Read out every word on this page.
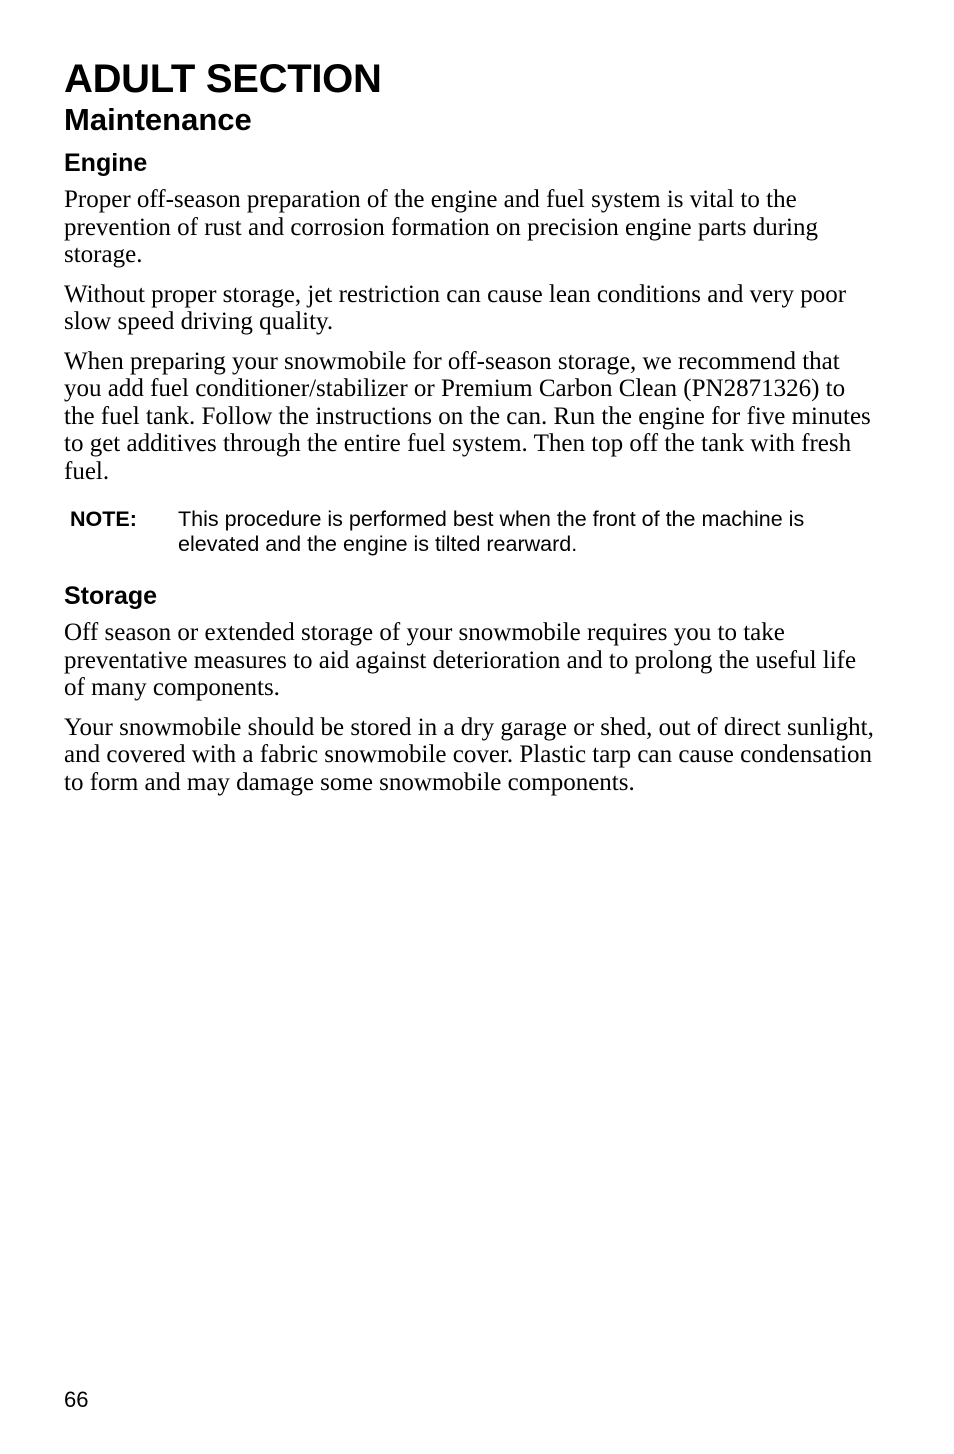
ADULT SECTION
Maintenance
Engine

Proper off-season preparation of the engine and fuel system is vital to the prevention of rust and corrosion formation on precision engine parts during storage.

Without proper storage, jet restriction can cause lean conditions and very poor slow speed driving quality.

When preparing your snowmobile for off-season storage, we recommend that you add fuel conditioner/stabilizer or Premium Carbon Clean (PN2871326) to the fuel tank. Follow the instructions on the can. Run the engine for five minutes to get additives through the entire fuel system. Then top off the tank with fresh fuel.

NOTE:	This procedure is performed best when the front of the machine is elevated and the engine is tilted rearward.
Storage

Off season or extended storage of your snowmobile requires you to take preventative measures to aid against deterioration and to prolong the useful life of many components.

Your snowmobile should be stored in a dry garage or shed, out of direct sunlight, and covered with a fabric snowmobile cover. Plastic tarp can cause condensation to form and may damage some snowmobile components.

66
